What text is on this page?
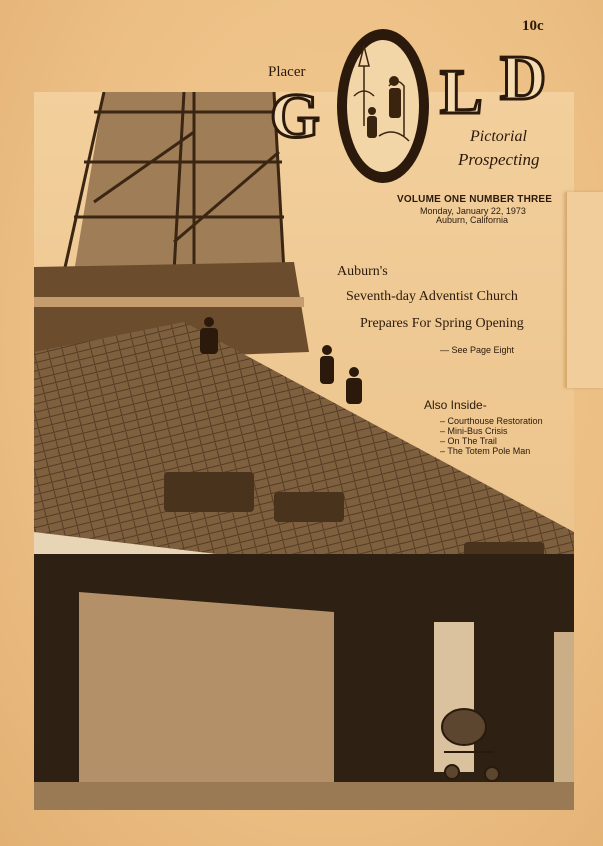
10c
Placer
G L D
Pictorial
Prospecting
VOLUME ONE NUMBER THREE
Monday, January 22, 1973
Auburn, California
Auburn's
Seventh-day Adventist Church
Prepares For Spring Opening
— See Page Eight
Also Inside-
– Courthouse Restoration
– Mini-Bus Crisis
– On The Trail
– The Totem Pole Man
